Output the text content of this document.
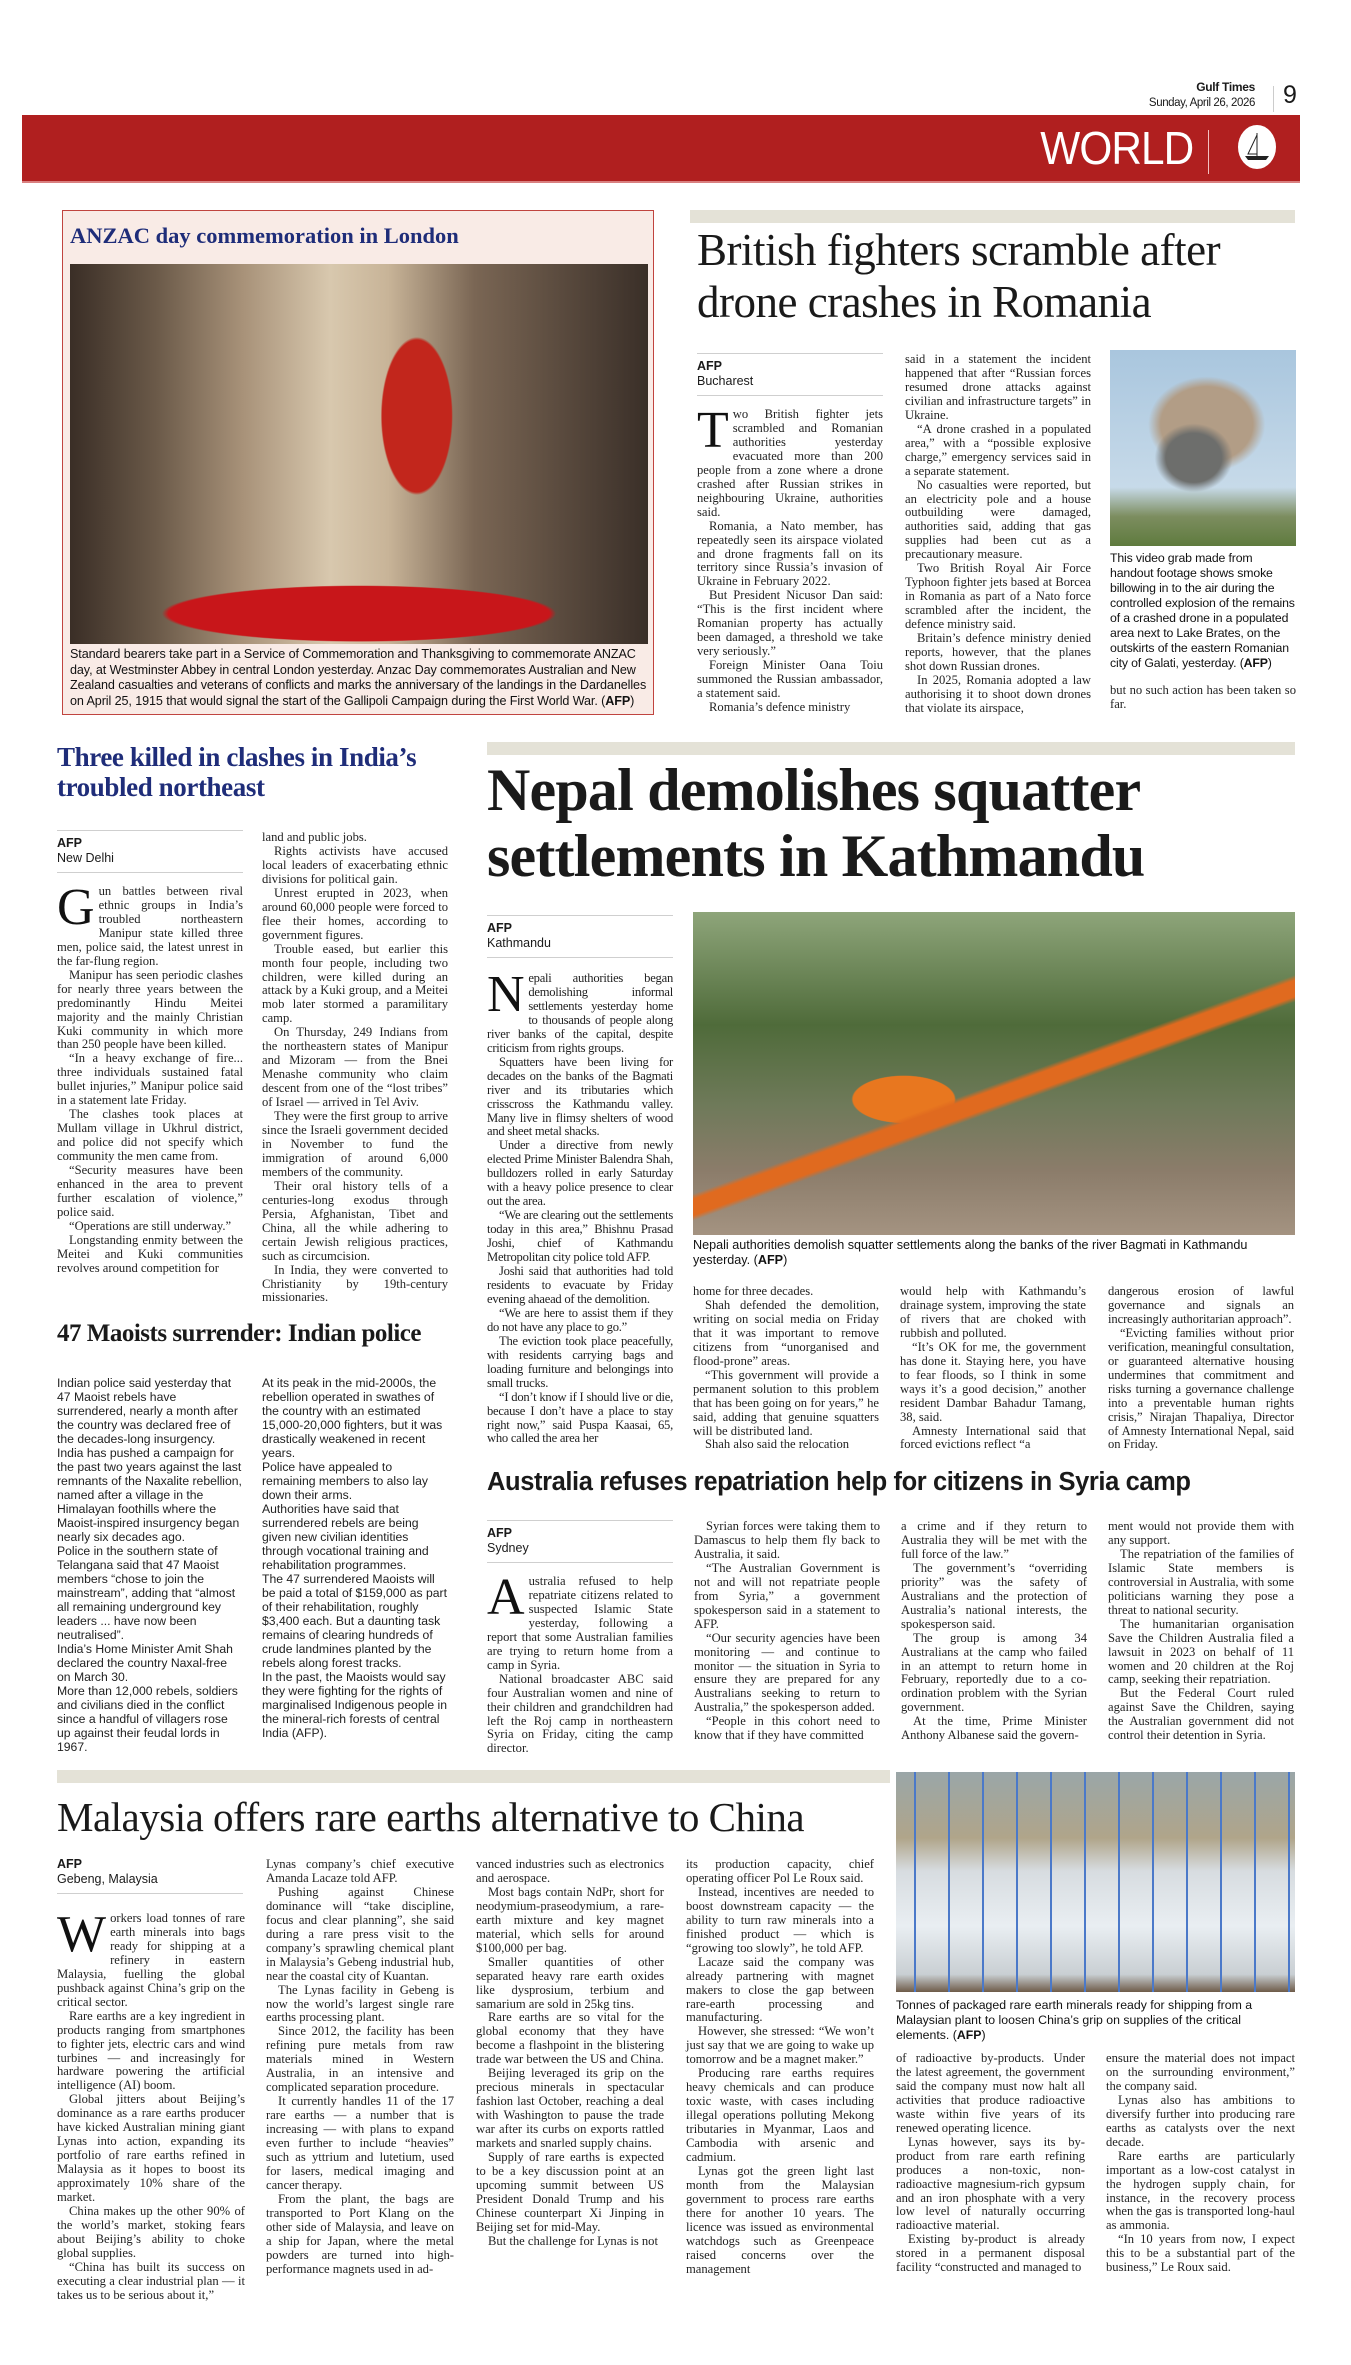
Gulf Times
Sunday, April 26, 2026 9
WORLD
ANZAC day commemoration in London
Standard bearers take part in a Service of Commemoration and Thanksgiving to commemorate ANZAC day, at Westminster Abbey in central London yesterday. Anzac Day commemorates Australian and New Zealand casualties and veterans of conflicts and marks the anniversary of the landings in the Dardanelles on April 25, 1915 that would signal the start of the Gallipoli Campaign during the First World War. ( AFP )
British fighters scramble after drone crashes in Romania
AFP
Bucharest

Two British fighter jets scrambled and Romanian authorities yesterday evacuated more than 200 people from a zone where a drone crashed after Russian strikes in neighbouring Ukraine, authorities said.

Romania, a Nato member, has repeatedly seen its airspace violated and drone fragments fall on its territory since Russia’s invasion of Ukraine in February 2022.

But President Nicusor Dan said: “This is the first incident where Romanian property has actually been damaged, a threshold we take very seriously.”

Foreign Minister Oana Toiu summoned the Russian ambassador, a statement said.

Romania’s defence ministry

said in a statement the incident happened that after “Russian forces resumed drone attacks against civilian and infrastructure targets” in Ukraine.

“A drone crashed in a populated area,” with a “possible explosive charge,” emergency services said in a separate statement.

No casualties were reported, but an electricity pole and a house outbuilding were damaged, authorities said, adding that gas supplies had been cut as a precautionary measure.

Two British Royal Air Force Typhoon fighter jets based at Borcea in Romania as part of a Nato force scrambled after the incident, the defence ministry said.

Britain’s defence ministry denied reports, however, that the planes shot down Russian drones.

In 2025, Romania adopted a law authorising it to shoot down drones that violate its airspace,

This video grab made from handout footage shows smoke billowing in to the air during the controlled explosion of the remains of a crashed drone in a populated area next to Lake Brates, on the outskirts of the eastern Romanian city of Galati, yesterday. ( AFP )

but no such action has been taken so far.

Three killed in clashes in India’s troubled northeast
AFP
New Delhi

Gun battles between rival ethnic groups in India’s troubled northeastern Manipur state killed three men, police said, the latest unrest in the far-flung region.

Manipur has seen periodic clashes for nearly three years between the predominantly Hindu Meitei majority and the mainly Christian Kuki community in which more than 250 people have been killed.

“In a heavy exchange of fire... three individuals sustained fatal bullet injuries,” Manipur police said in a statement late Friday.

The clashes took places at Mullam village in Ukhrul district, and police did not specify which community the men came from.

“Security measures have been enhanced in the area to prevent further escalation of violence,” police said.

“Operations are still underway.”

Longstanding enmity between the Meitei and Kuki communities revolves around competition for

land and public jobs.

Rights activists have accused local leaders of exacerbating ethnic divisions for political gain.

Unrest erupted in 2023, when around 60,000 people were forced to flee their homes, according to government figures.

Trouble eased, but earlier this month four people, including two children, were killed during an attack by a Kuki group, and a Meitei mob later stormed a paramilitary camp.

On Thursday, 249 Indians from the northeastern states of Manipur and Mizoram — from the Bnei Menashe community who claim descent from one of the “lost tribes” of Israel — arrived in Tel Aviv.

They were the first group to arrive since the Israeli government decided in November to fund the immigration of around 6,000 members of the community.

Their oral history tells of a centuries-long exodus through Persia, Afghanistan, Tibet and China, all the while adhering to certain Jewish religious practices, such as circumcision.

In India, they were converted to Christianity by 19th-century missionaries.

Nepal demolishes squatter settlements in Kathmandu
AFP
Kathmandu

Nepali authorities began demolishing informal settlements yesterday home to thousands of people along river banks of the capital, despite criticism from rights groups.

Squatters have been living for decades on the banks of the Bagmati river and its tributaries which crisscross the Kathmandu valley. Many live in flimsy shelters of wood and sheet metal shacks.

Under a directive from newly elected Prime Minister Balendra Shah, bulldozers rolled in early Saturday with a heavy police presence to clear out the area.

“We are clearing out the settlements today in this area,” Bhishnu Prasad Joshi, chief of Kathmandu Metropolitan city police told AFP.

Joshi said that authorities had told residents to evacuate by Friday evening ahaead of the demolition.

“We are here to assist them if they do not have any place to go.”

The eviction took place peacefully, with residents carrying bags and loading furniture and belongings into small trucks.

“I don’t know if I should live or die, because I don’t have a place to stay right now,” said Puspa Kaasai, 65, who called the area her

Nepali authorities demolish squatter settlements along the banks of the river Bagmati in Kathmandu yesterday. ( AFP )

home for three decades.

Shah defended the demolition, writing on social media on Friday that it was important to remove citizens from “unorganised and flood-prone” areas.

“This government will provide a permanent solution to this problem that has been going on for years,” he said, adding that genuine squatters will be distributed land.

Shah also said the relocation

would help with Kathmandu’s drainage system, improving the state of rivers that are choked with rubbish and polluted.

“It’s OK for me, the government has done it. Staying here, you have to fear floods, so I think in some ways it’s a good decision,” another resident Dambar Bahadur Tamang, 38, said.

Amnesty International said that forced evictions reflect “a

dangerous erosion of lawful governance and signals an increasingly authoritarian approach”.

“Evicting families without prior verification, meaningful consultation, or guaranteed alternative housing undermines that commitment and risks turning a governance challenge into a preventable human rights crisis,” Nirajan Thapaliya, Director of Amnesty International Nepal, said on Friday.

47 Maoists surrender: Indian police

Indian police said yesterday that 47 Maoist rebels have surrendered, nearly a month after the country was declared free of the decades-long insurgency.

India has pushed a campaign for the past two years against the last remnants of the Naxalite rebellion, named after a village in the Himalayan foothills where the Maoist-inspired insurgency began nearly six decades ago.

Police in the southern state of Telangana said that 47 Maoist members “chose to join the mainstream”, adding that “almost all remaining underground key leaders ... have now been neutralised”.

India’s Home Minister Amit Shah declared the country Naxal-free on March 30.

More than 12,000 rebels, soldiers and civilians died in the conflict since a handful of villagers rose up against their feudal lords in 1967.

At its peak in the mid-2000s, the rebellion operated in swathes of the country with an estimated 15,000-20,000 fighters, but it was drastically weakened in recent years.

Police have appealed to remaining members to also lay down their arms.

Authorities have said that surrendered rebels are being given new civilian identities through vocational training and rehabilitation programmes.

The 47 surrendered Maoists will be paid a total of $159,000 as part of their rehabilitation, roughly $3,400 each. But a daunting task remains of clearing hundreds of crude landmines planted by the rebels along forest tracks.

In the past, the Maoists would say they were fighting for the rights of marginalised Indigenous people in the mineral-rich forests of central India (AFP).

Australia refuses repatriation help for citizens in Syria camp
AFP
Sydney

Australia refused to help repatriate citizens related to suspected Islamic State yesterday, following a report that some Australian families are trying to return home from a camp in Syria.

National broadcaster ABC said four Australian women and nine of their children and grandchildren had left the Roj camp in northeastern Syria on Friday, citing the camp director.

Syrian forces were taking them to Damascus to help them fly back to Australia, it said.

“The Australian Government is not and will not repatriate people from Syria,” a government spokesperson said in a statement to AFP.

“Our security agencies have been monitoring — and continue to monitor — the situation in Syria to ensure they are prepared for any Australians seeking to return to Australia,” the spokesperson added.

“People in this cohort need to know that if they have committed

a crime and if they return to Australia they will be met with the full force of the law.”

The government’s “overriding priority” was the safety of Australians and the protection of Australia’s national interests, the spokesperson said.

The group is among 34 Australians at the camp who failed in an attempt to return home in February, reportedly due to a co-ordination problem with the Syrian government.

At the time, Prime Minister Anthony Albanese said the govern-

ment would not provide them with any support.

The repatriation of the families of Islamic State members is controversial in Australia, with some politicians warning they pose a threat to national security.

The humanitarian organisation Save the Children Australia filed a lawsuit in 2023 on behalf of 11 women and 20 children at the Roj camp, seeking their repatriation.

But the Federal Court ruled against Save the Children, saying the Australian government did not control their detention in Syria.

Malaysia offers rare earths alternative to China
AFP
Gebeng, Malaysia

Workers load tonnes of rare earth minerals into bags ready for shipping at a refinery in eastern Malaysia, fuelling the global pushback against China’s grip on the critical sector.

Rare earths are a key ingredient in products ranging from smartphones to fighter jets, electric cars and wind turbines — and increasingly for hardware powering the artificial intelligence (AI) boom.

Global jitters about Beijing’s dominance as a rare earths producer have kicked Australian mining giant Lynas into action, expanding its portfolio of rare earths refined in Malaysia as it hopes to boost its approximately 10% share of the market.

China makes up the other 90% of the world’s market, stoking fears about Beijing’s ability to choke global supplies.

“China has built its success on executing a clear industrial plan — it takes us to be serious about it,”

Lynas company’s chief executive Amanda Lacaze told AFP.

Pushing against Chinese dominance will “take discipline, focus and clear planning”, she said during a rare press visit to the company’s sprawling chemical plant in Malaysia’s Gebeng industrial hub, near the coastal city of Kuantan.

The Lynas facility in Gebeng is now the world’s largest single rare earths processing plant.

Since 2012, the facility has been refining pure metals from raw materials mined in Western Australia, in an intensive and complicated separation procedure.

It currently handles 11 of the 17 rare earths — a number that is increasing — with plans to expand even further to include “heavies” such as yttrium and lutetium, used for lasers, medical imaging and cancer therapy.

From the plant, the bags are transported to Port Klang on the other side of Malaysia, and leave on a ship for Japan, where the metal powders are turned into high-performance magnets used in ad-

vanced industries such as electronics and aerospace.

Most bags contain NdPr, short for neodymium-praseodymium, a rare-earth mixture and key magnet material, which sells for around $100,000 per bag.

Smaller quantities of other separated heavy rare earth oxides like dysprosium, terbium and samarium are sold in 25kg tins.

Rare earths are so vital for the global economy that they have become a flashpoint in the blistering trade war between the US and China.

Beijing leveraged its grip on the precious minerals in spectacular fashion last October, reaching a deal with Washington to pause the trade war after its curbs on exports rattled markets and snarled supply chains.

Supply of rare earths is expected to be a key discussion point at an upcoming summit between US President Donald Trump and his Chinese counterpart Xi Jinping in Beijing set for mid-May.

But the challenge for Lynas is not

its production capacity, chief operating officer Pol Le Roux said.

Instead, incentives are needed to boost downstream capacity — the ability to turn raw minerals into a finished product — which is “growing too slowly”, he told AFP.

Lacaze said the company was already partnering with magnet makers to close the gap between rare-earth processing and manufacturing.

However, she stressed: “We won’t just say that we are going to wake up tomorrow and be a magnet maker.”

Producing rare earths requires heavy chemicals and can produce toxic waste, with cases including illegal operations polluting Mekong tributaries in Myanmar, Laos and Cambodia with arsenic and cadmium.

Lynas got the green light last month from the Malaysian government to process rare earths there for another 10 years. The licence was issued as environmental watchdogs such as Greenpeace raised concerns over the management

Tonnes of packaged rare earth minerals ready for shipping from a Malaysian plant to loosen China’s grip on supplies of the critical elements. ( AFP )

of radioactive by-products. Under the latest agreement, the government said the company must now halt all activities that produce radioactive waste within five years of its renewed operating licence.

Lynas however, says its by-product from rare earth refining produces a non-toxic, non-radioactive magnesium-rich gypsum and an iron phosphate with a very low level of naturally occurring radioactive material.

Existing by-product is already stored in a permanent disposal facility “constructed and managed to

ensure the material does not impact on the surrounding environment,” the company said.

Lynas also has ambitions to diversify further into producing rare earths as catalysts over the next decade.

Rare earths are particularly important as a low-cost catalyst in the hydrogen supply chain, for instance, in the recovery process when the gas is transported long-haul as ammonia.

“In 10 years from now, I expect this to be a substantial part of the business,” Le Roux said.
